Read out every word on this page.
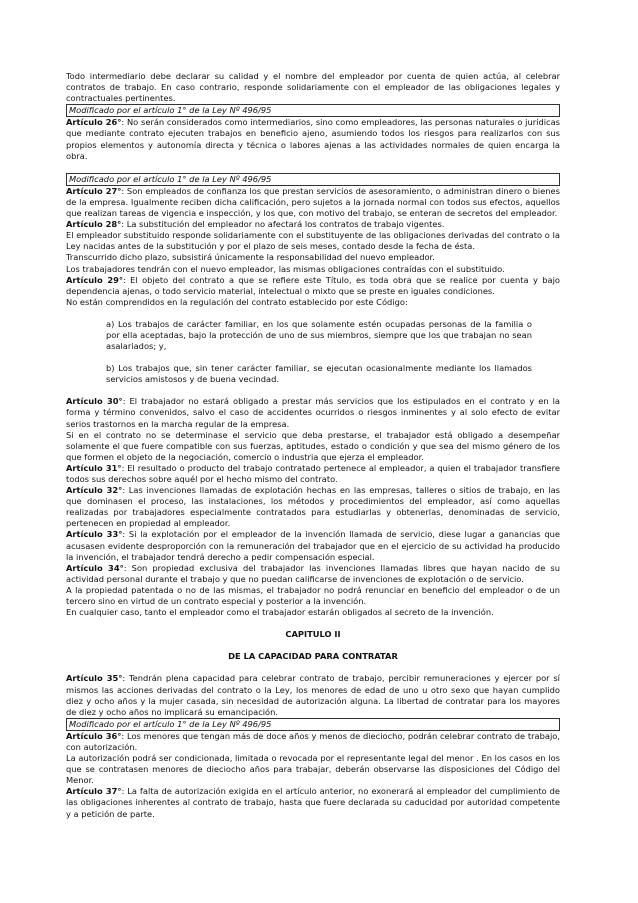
Todo intermediario debe declarar su calidad y el nombre del empleador por cuenta de quien actúa, al celebrar contratos de trabajo. En caso contrario, responde solidariamente con el empleador de las obligaciones legales y contractuales pertinentes.

Modificado por el artículo 1° de la Ley Nº 496/95

Artículo 26°: No serán considerados como intermediarios, sino como empleadores, las personas naturales o jurídicas que mediante contrato ejecuten trabajos en beneficio ajeno, asumiendo todos los riesgos para realizarlos con sus propios elementos y autonomía directa y técnica o labores ajenas a las actividades normales de quien encarga la obra.

Modificado por el artículo 1° de la Ley Nº 496/95

Artículo 27°: Son empleados de confianza los que prestan servicios de asesoramiento, o administran dinero o bienes de la empresa. Igualmente reciben dicha calificación, pero sujetos a la jornada normal con todos sus efectos, aquellos que realizan tareas de vigencia e inspección, y los que, con motivo del trabajo, se enteran de secretos del empleador.

Artículo 28°: La substitución del empleador no afectará los contratos de trabajo vigentes.

El empleador substituido responde solidariamente con el substituyente de las obligaciones derivadas del contrato o la Ley nacidas antes de la substitución y por el plazo de seis meses, contado desde la fecha de ésta.

Transcurrido dicho plazo, subsistirá únicamente la responsabilidad del nuevo empleador.

Los trabajadores tendrán con el nuevo empleador, las mismas obligaciones contraídas con el substituido.

Artículo 29°: El objeto del contrato a que se refiere este Título, es toda obra que se realice por cuenta y bajo dependencia ajenas, o todo servicio material, intelectual o mixto que se preste en iguales condiciones.

No están comprendidos en la regulación del contrato establecido por este Código:

a) Los trabajos de carácter familiar, en los que solamente estén ocupadas personas de la familia o por ella aceptadas, bajo la protección de uno de sus miembros, siempre que los que trabajan no sean asalariados; y,

b) Los trabajos que, sin tener carácter familiar, se ejecutan ocasionalmente mediante los llamados servicios amistosos y de buena vecindad.

Artículo 30°: El trabajador no estará obligado a prestar más servicios que los estipulados en el contrato y en la forma y término convenidos, salvo el caso de accidentes ocurridos o riesgos inminentes y al solo efecto de evitar serios trastornos en la marcha regular de la empresa.

Si en el contrato no se determinase el servicio que deba prestarse, el trabajador está obligado a desempeñar solamente el que fuere compatible con sus fuerzas, aptitudes, estado o condición y que sea del mismo género de los que formen el objeto de la negociación, comercio o industria que ejerza el empleador.

Artículo 31°: El resultado o producto del trabajo contratado pertenece al empleador, a quien el trabajador transfiere todos sus derechos sobre aquél por el hecho mismo del contrato.

Artículo 32°: Las invenciones llamadas de explotación hechas en las empresas, talleres o sitios de trabajo, en las que dominasen el proceso, las instalaciones, los métodos y procedimientos del empleador, así como aquellas realizadas por trabajadores especialmente contratados para estudiarlas y obtenerlas, denominadas de servicio, pertenecen en propiedad al empleador.

Artículo 33°: Si la explotación por el empleador de la invención llamada de servicio, diese lugar a ganancias que acusasen evidente desproporción con la remuneración del trabajador que en el ejercicio de su actividad ha producido la invención, el trabajador tendrá derecho a pedir compensación especial.

Artículo 34°: Son propiedad exclusiva del trabajador las invenciones llamadas libres que hayan nacido de su actividad personal durante el trabajo y que no puedan calificarse de invenciones de explotación o de servicio.

A la propiedad patentada o no de las mismas, el trabajador no podrá renunciar en beneficio del empleador o de un tercero sino en virtud de un contrato especial y posterior a la invención.

En cualquier caso, tanto el empleador como el trabajador estarán obligados al secreto de la invención.

CAPITULO II

DE LA CAPACIDAD PARA CONTRATAR

Artículo 35°: Tendrán plena capacidad para celebrar contrato de trabajo, percibir remuneraciones y ejercer por sí mismos las acciones derivadas del contrato o la Ley, los menores de edad de uno u otro sexo que hayan cumplido diez y ocho años y la mujer casada, sin necesidad de autorización alguna. La libertad de contratar para los mayores de diez y ocho años no implicará su emancipación.

Modificado por el artículo 1° de la Ley Nº 496/95

Artículo 36°: Los menores que tengan más de doce años y menos de dieciocho, podrán celebrar contrato de trabajo, con autorización.

La autorización podrá ser condicionada, limitada o revocada por el representante legal del menor . En los casos en los que se contratasen menores de dieciocho años para trabajar, deberán observarse las disposiciones del Código del Menor.

Artículo 37°: La falta de autorización exigida en el artículo anterior, no exonerará al empleador del cumplimiento de las obligaciones inherentes al contrato de trabajo, hasta que fuere declarada su caducidad por autoridad competente y a petición de parte.
